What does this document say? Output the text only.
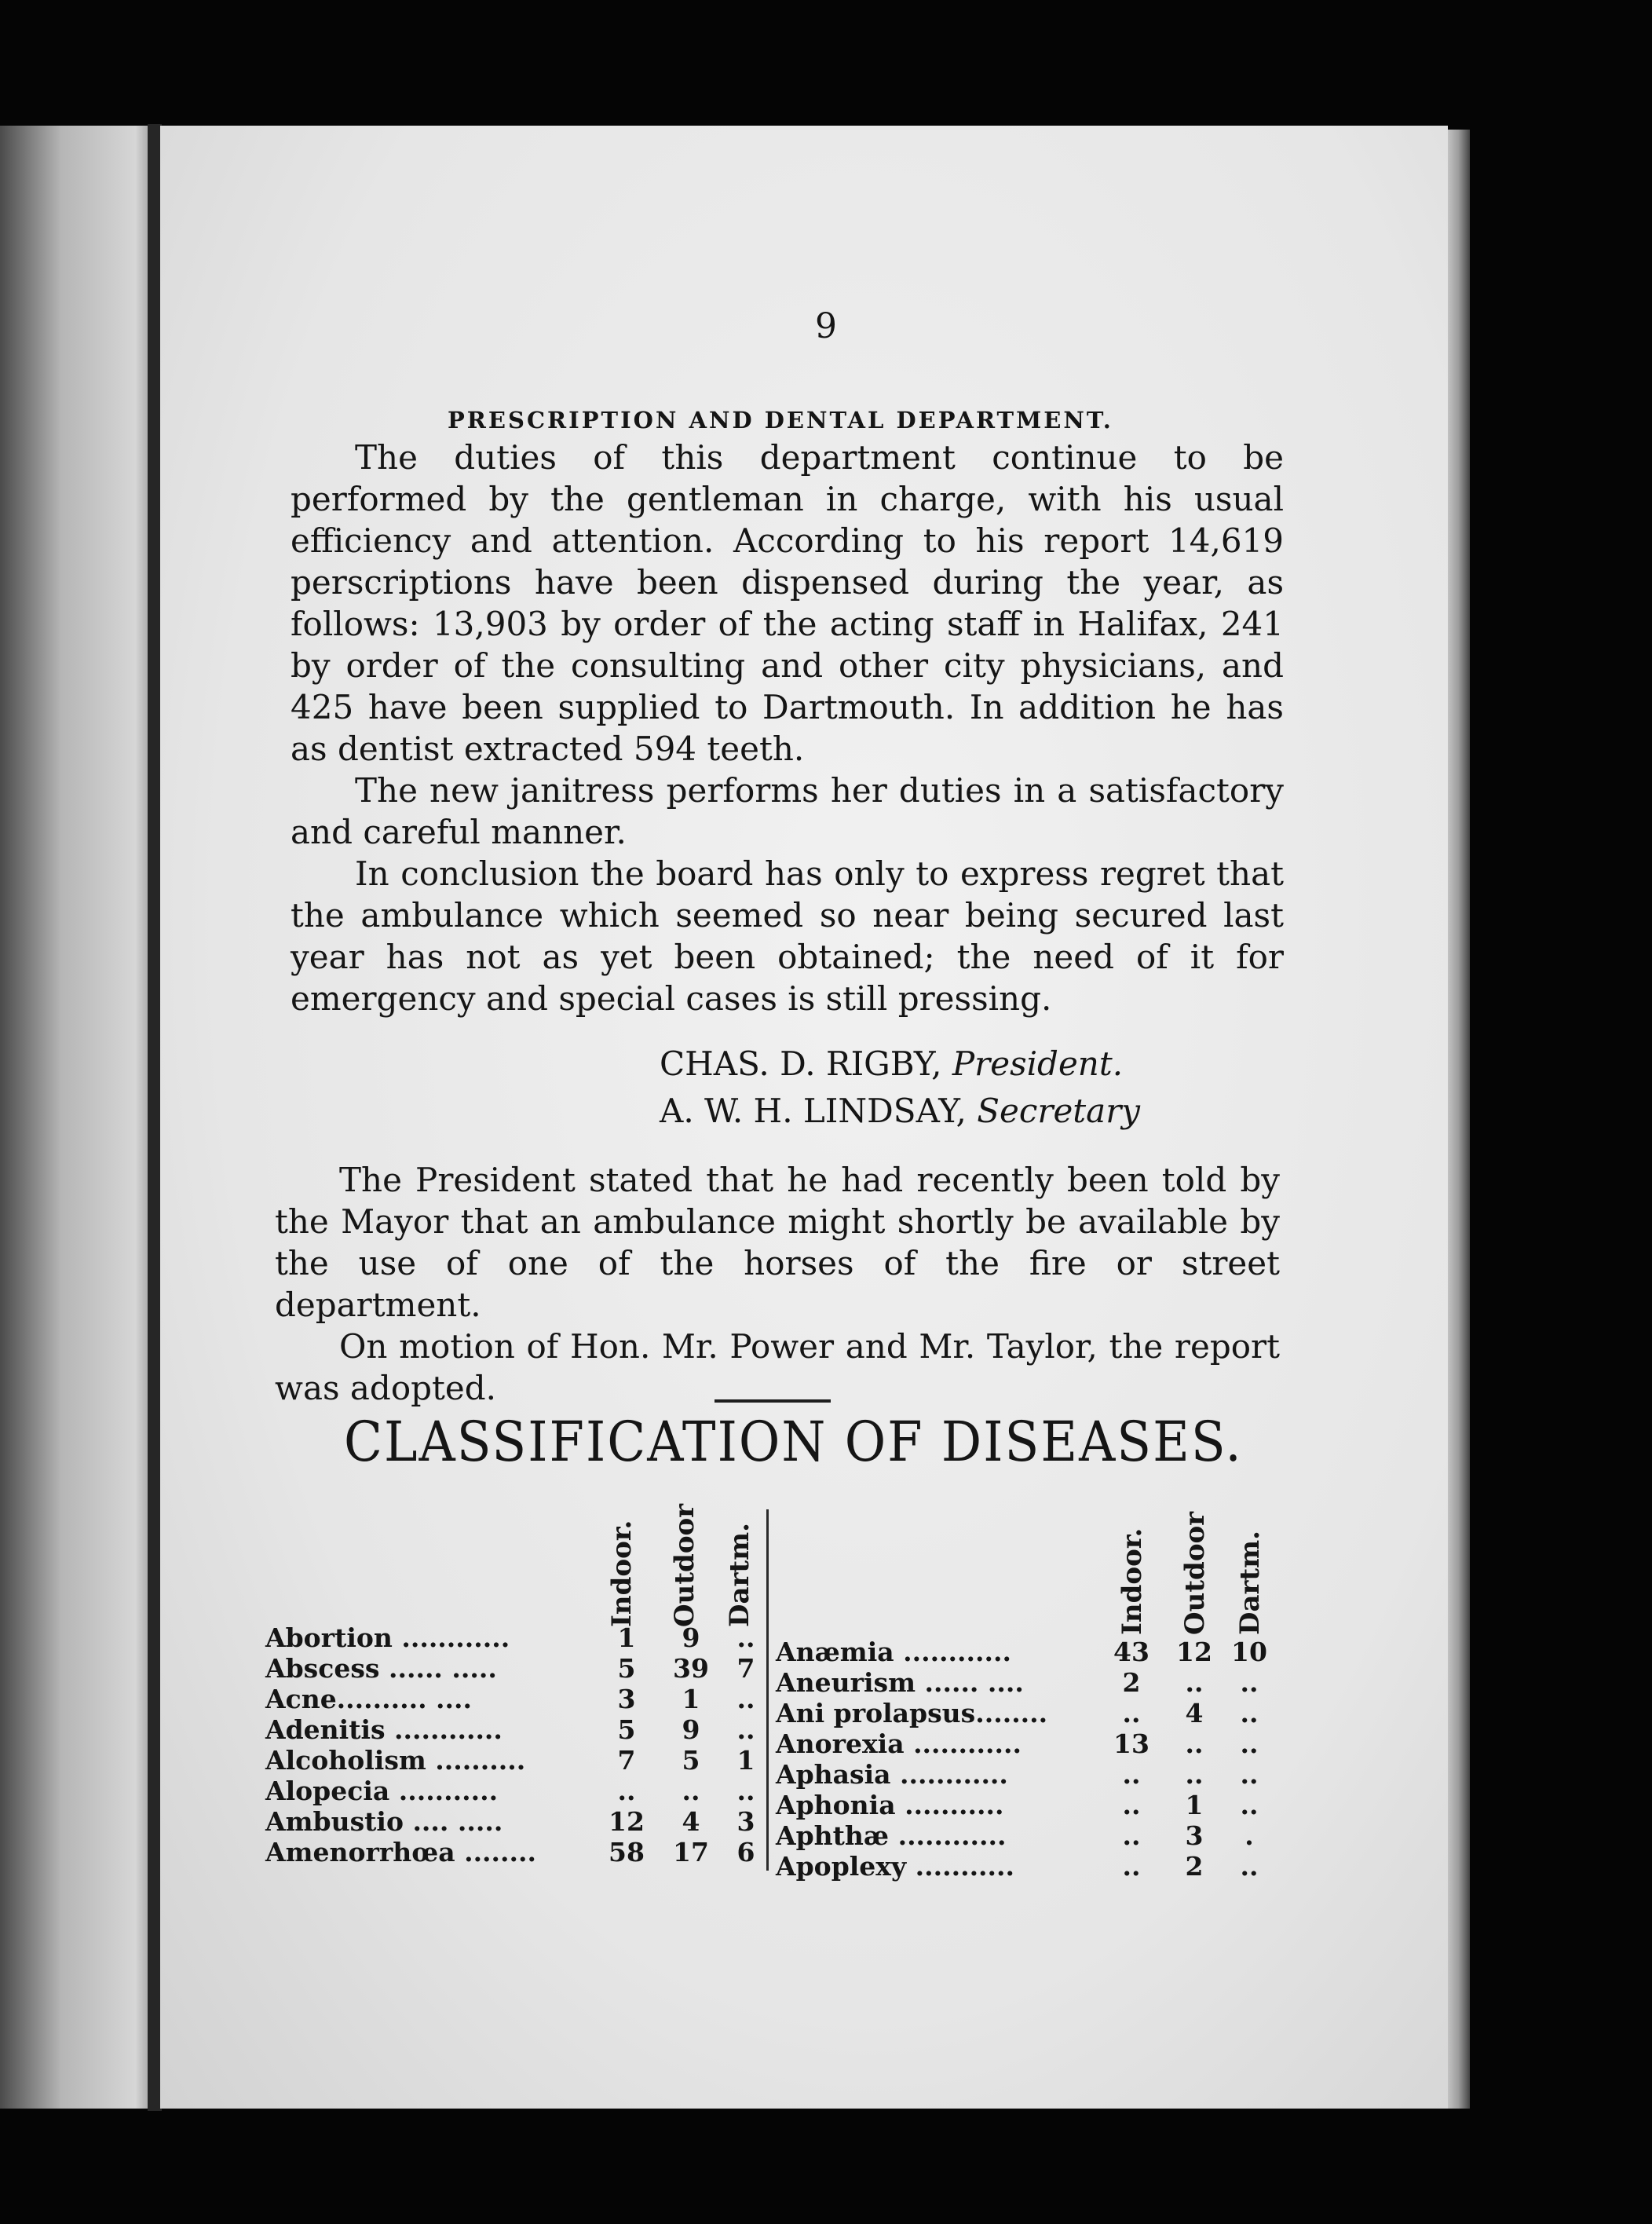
9
PRESCRIPTION AND DENTAL DEPARTMENT.

The duties of this department continue to be performed by the gentleman in charge, with his usual efficiency and attention. According to his report 14,619 perscriptions have been dispensed during the year, as follows: 13,903 by order of the acting staff in Halifax, 241 by order of the consulting and other city physicians, and 425 have been supplied to Dartmouth. In addition he has as dentist extracted 594 teeth.

The new janitress performs her duties in a satisfactory and careful manner.

In conclusion the board has only to express regret that the ambulance which seemed so near being secured last year has not as yet been obtained; the need of it for emergency and special cases is still pressing.

CHAS. D. RIGBY, President.
A. W. H. LINDSAY, Secretary

The President stated that he had recently been told by the Mayor that an ambulance might shortly be available by the use of one of the horses of the fire or street department.

On motion of Hon. Mr. Power and Mr. Taylor, the report was adopted.

CLASSIFICATION OF DISEASES.
Indoor. Outdoor Dartm.	Indoor. Outdoor Dartm.
Abortion ............	1	9	..
Abscess ...... .....	5	39	7
Acne.......... ....	3	1	..
Adenitis ............	5	9	..
Alcoholism ..........	7	5	1
Alopecia ...........	..	..	..
Ambustio .... .....	12	4	3
Amenorrhœa ........	58 17	6
Anæmia ............	43 12 10
Aneurism ...... ....	2	..	..
Ani prolapsus........	..	4	..
Anorexia ............	13	..	..
Aphasia ............	..	..	..
Aphonia ...........	..	1	..
Aphthæ ............	..	3	.
Apoplexy ...........	..	2	..
